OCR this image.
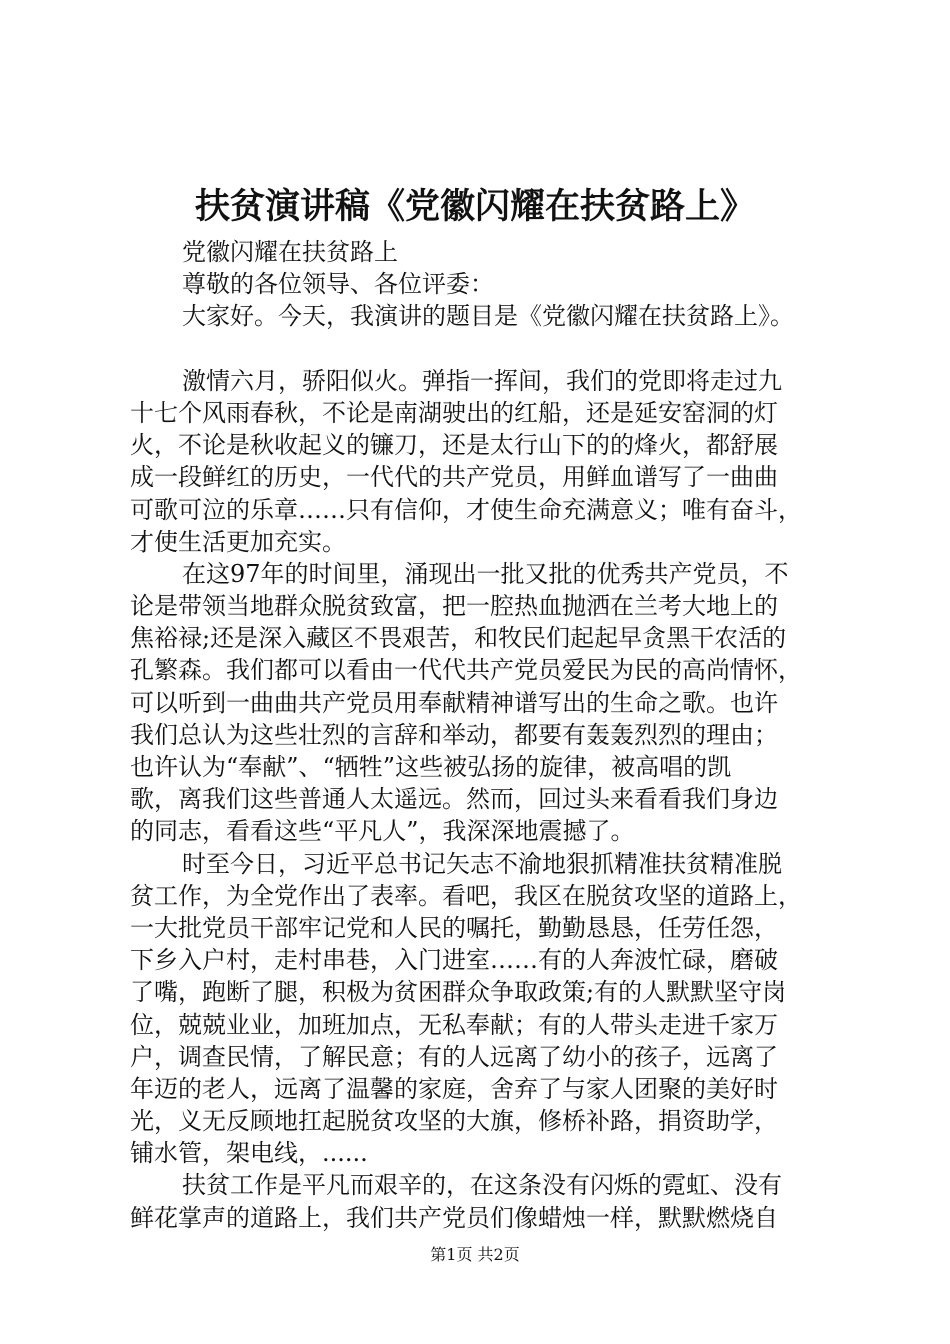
扶贫演讲稿《党徽闪耀在扶贫路上》
党徽闪耀在扶贫路上
尊敬的各位领导、各位评委：
大家好。今天，我演讲的题目是《党徽闪耀在扶贫路上》。
激情六月，骄阳似火。弹指一挥间，我们的党即将走过九
十七个风雨春秋，不论是南湖驶出的红船，还是延安窑洞的灯
火，不论是秋收起义的镰刀，还是太行山下的的烽火，都舒展
成一段鲜红的历史，一代代的共产党员，用鲜血谱写了一曲曲
可歌可泣的乐章……只有信仰，才使生命充满意义；唯有奋斗，
才使生活更加充实。
在这97年的时间里，涌现出一批又批的优秀共产党员，不
论是带领当地群众脱贫致富，把一腔热血抛洒在兰考大地上的
焦裕禄;还是深入藏区不畏艰苦，和牧民们起起早贪黑干农活的
孔繁森。我们都可以看由一代代共产党员爱民为民的高尚情怀，
可以听到一曲曲共产党员用奉献精神谱写出的生命之歌。也许
我们总认为这些壮烈的言辞和举动，都要有轰轰烈烈的理由；
也许认为“奉献”、“牺牲”这些被弘扬的旋律，被高唱的凯
歌，离我们这些普通人太遥远。然而，回过头来看看我们身边
的同志，看看这些“平凡人”，我深深地震撼了。
时至今日，习近平总书记矢志不渝地狠抓精准扶贫精准脱
贫工作，为全党作出了表率。看吧，我区在脱贫攻坚的道路上，
一大批党员干部牢记党和人民的嘱托，勤勤恳恳，任劳任怨，
下乡入户村，走村串巷，入门进室……有的人奔波忙碌，磨破
了嘴，跑断了腿，积极为贫困群众争取政策;有的人默默坚守岗
位，兢兢业业，加班加点，无私奉献；有的人带头走进千家万
户，调查民情，了解民意；有的人远离了幼小的孩子，远离了
年迈的老人，远离了温馨的家庭，舍弃了与家人团聚的美好时
光，义无反顾地扛起脱贫攻坚的大旗，修桥补路，捐资助学，
铺水管，架电线，......
扶贫工作是平凡而艰辛的，在这条没有闪烁的霓虹、没有
鲜花掌声的道路上，我们共产党员们像蜡烛一样，默默燃烧自
第1页 共2页
